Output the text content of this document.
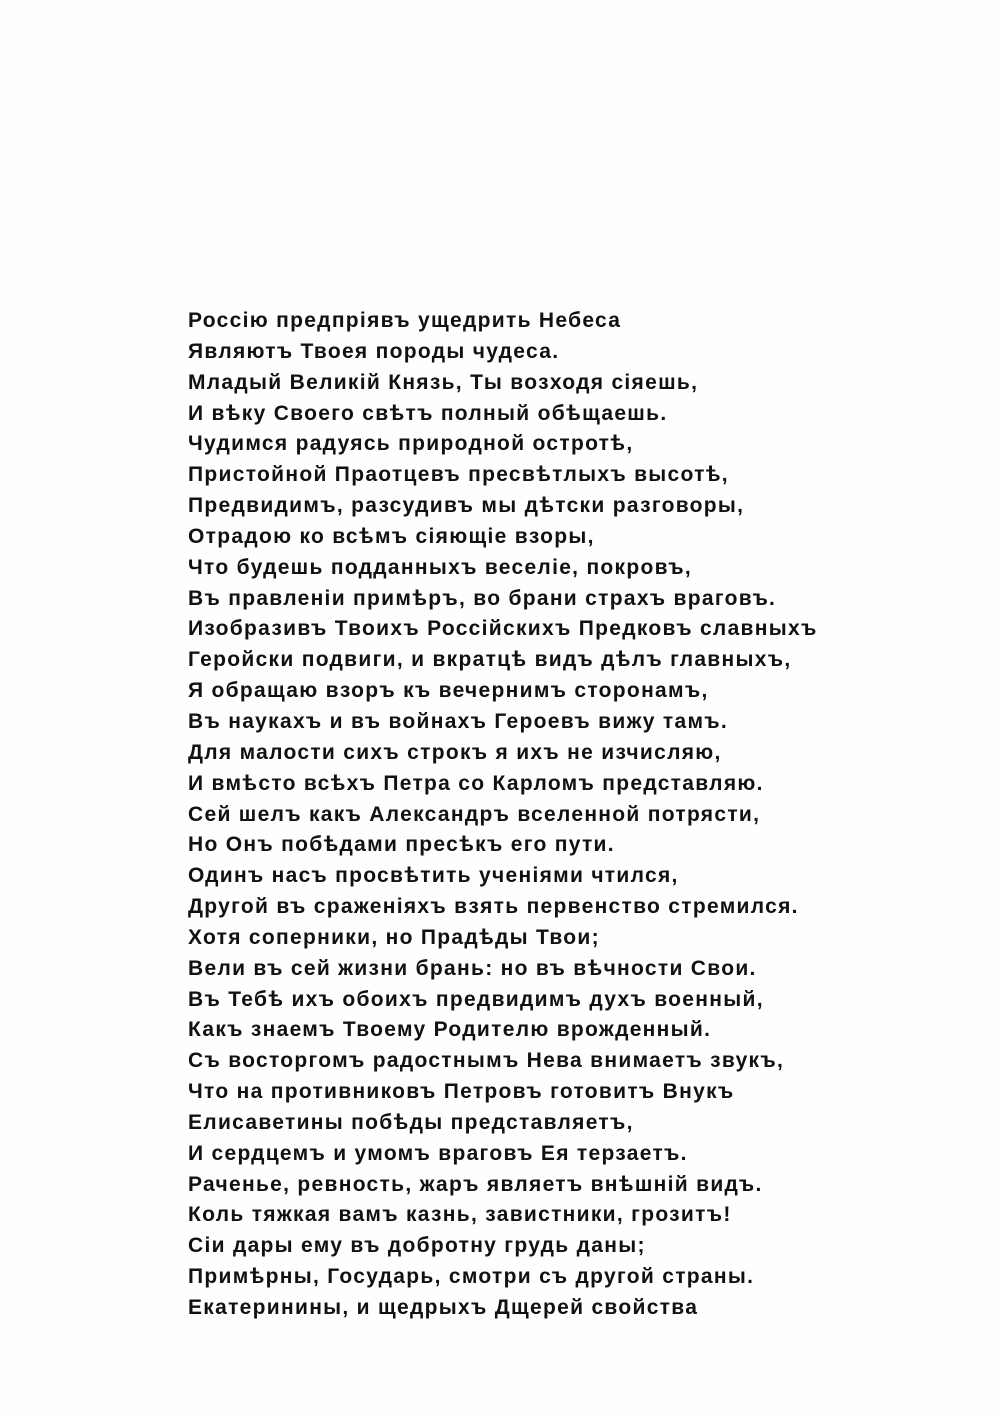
Россію предпріявъ ущедрить Небеса
Являютъ Твоея породы чудеса.
Младый Великій Князь, Ты возходя сіяешь,
И вѣку Своего свѣтъ полный обѣщаешь.
Чудимся радуясь природной остротѣ,
Пристойной Праотцевъ пресвѣтлыхъ высотѣ,
Предвидимъ, разсудивъ мы дѣтски разговоры,
Отрадою ко всѣмъ сіяющіе взоры,
Что будешь подданныхъ веселіе, покровъ,
Въ правленіи примѣръ, во брани страхъ враговъ.
Изобразивъ Твоихъ Россійскихъ Предковъ славныхъ
Геройски подвиги, и вкратцѣ видъ дѣлъ главныхъ,
Я обращаю взоръ къ вечернимъ сторонамъ,
Въ наукахъ и въ войнахъ Героевъ вижу тамъ.
Для малости сихъ строкъ я ихъ не изчисляю,
И вмѣсто всѣхъ Петра со Карломъ представляю.
Сей шелъ какъ Александръ вселенной потрясти,
Но Онъ побѣдами пресѣкъ его пути.
Одинъ насъ просвѣтить ученіями чтился,
Другой въ сраженіяхъ взять первенство стремился.
Хотя соперники, но Прадѣды Твои;
Вели въ сей жизни брань: но въ вѣчности Свои.
Въ Тебѣ ихъ обоихъ предвидимъ духъ военный,
Какъ знаемъ Твоему Родителю врожденный.
Съ восторгомъ радостнымъ Нева внимаетъ звукъ,
Что на противниковъ Петровъ готовитъ Внукъ
Елисаветины побѣды представляетъ,
И сердцемъ и умомъ враговъ Ея терзаетъ.
Раченье, ревность, жаръ являетъ внѣшній видъ.
Коль тяжкая вамъ казнь, завистники, грозитъ!
Сіи дары ему въ добротну грудь даны;
Примѣрны, Государь, смотри съ другой страны.
Екатеринины, и щедрыхъ Дщерей свойства
